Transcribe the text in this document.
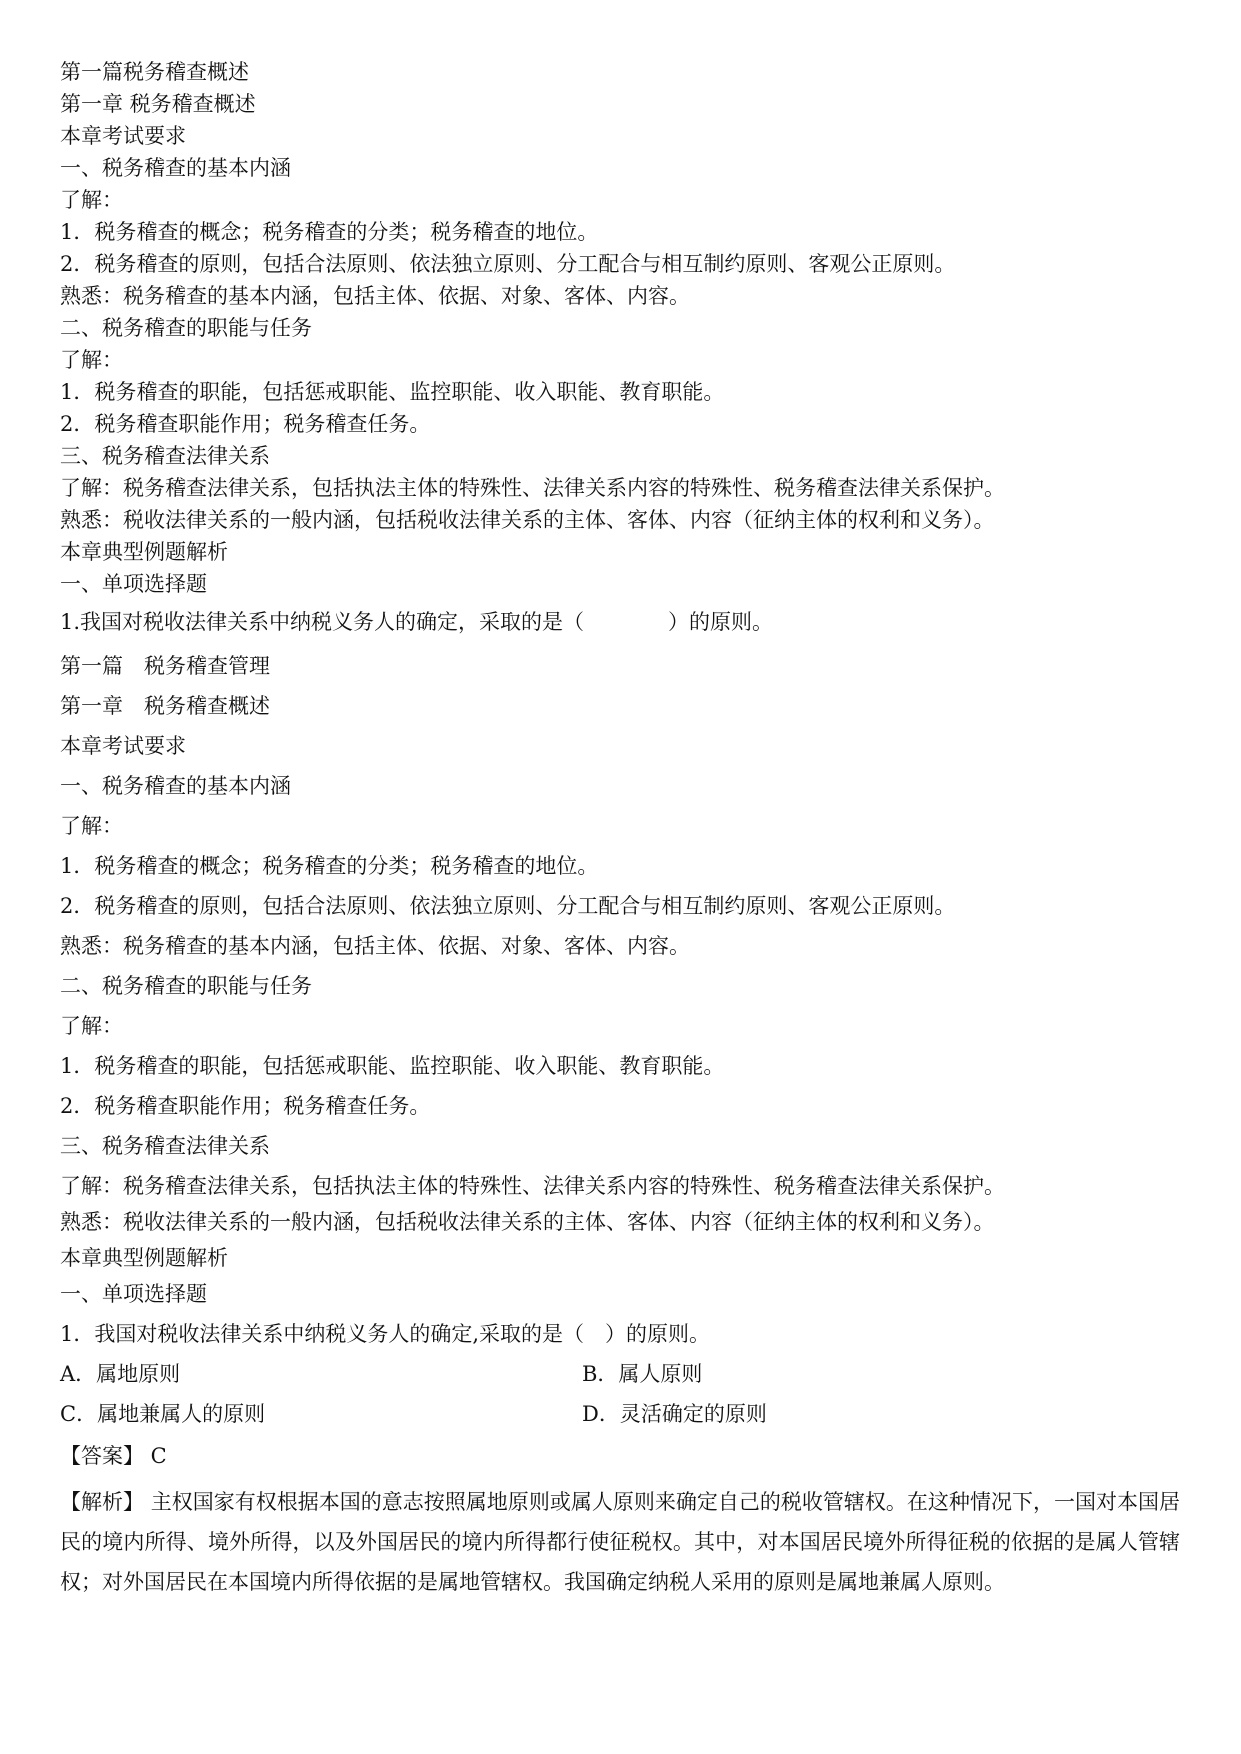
第一篇税务稽查概述
第一章 税务稽查概述
本章考试要求
一、税务稽查的基本内涵
了解：
1．税务稽查的概念；税务稽查的分类；税务稽查的地位。
2．税务稽查的原则，包括合法原则、依法独立原则、分工配合与相互制约原则、客观公正原则。
熟悉：税务稽查的基本内涵，包括主体、依据、对象、客体、内容。
二、税务稽查的职能与任务
了解：
1．税务稽查的职能，包括惩戒职能、监控职能、收入职能、教育职能。
2．税务稽查职能作用；税务稽查任务。
三、税务稽查法律关系
了解：税务稽查法律关系，包括执法主体的特殊性、法律关系内容的特殊性、税务稽查法律关系保护。
熟悉：税收法律关系的一般内涵，包括税收法律关系的主体、客体、内容（征纳主体的权利和义务）。
本章典型例题解析
一、单项选择题
1.我国对税收法律关系中纳税义务人的确定，采取的是（　　　　）的原则。
第一篇　税务稽查管理
第一章　税务稽查概述
本章考试要求
一、税务稽查的基本内涵
了解：
1．税务稽查的概念；税务稽查的分类；税务稽查的地位。
2．税务稽查的原则，包括合法原则、依法独立原则、分工配合与相互制约原则、客观公正原则。
熟悉：税务稽查的基本内涵，包括主体、依据、对象、客体、内容。
二、税务稽查的职能与任务
了解：
1．税务稽查的职能，包括惩戒职能、监控职能、收入职能、教育职能。
2．税务稽查职能作用；税务稽查任务。
三、税务稽查法律关系
了解：税务稽查法律关系，包括执法主体的特殊性、法律关系内容的特殊性、税务稽查法律关系保护。
熟悉：税收法律关系的一般内涵，包括税收法律关系的主体、客体、内容（征纳主体的权利和义务）。
本章典型例题解析
一、单项选择题
1．我国对税收法律关系中纳税义务人的确定,采取的是（　）的原则。
A．属地原则	B．属人原则
C．属地兼属人的原则	D．灵活确定的原则
【答案】 C
【解析】 主权国家有权根据本国的意志按照属地原则或属人原则来确定自己的税收管辖权。在这种情况下，一国对本国居民的境内所得、境外所得，以及外国居民的境内所得都行使征税权。其中，对本国居民境外所得征税的依据的是属人管辖权；对外国居民在本国境内所得依据的是属地管辖权。我国确定纳税人采用的原则是属地兼属人原则。
